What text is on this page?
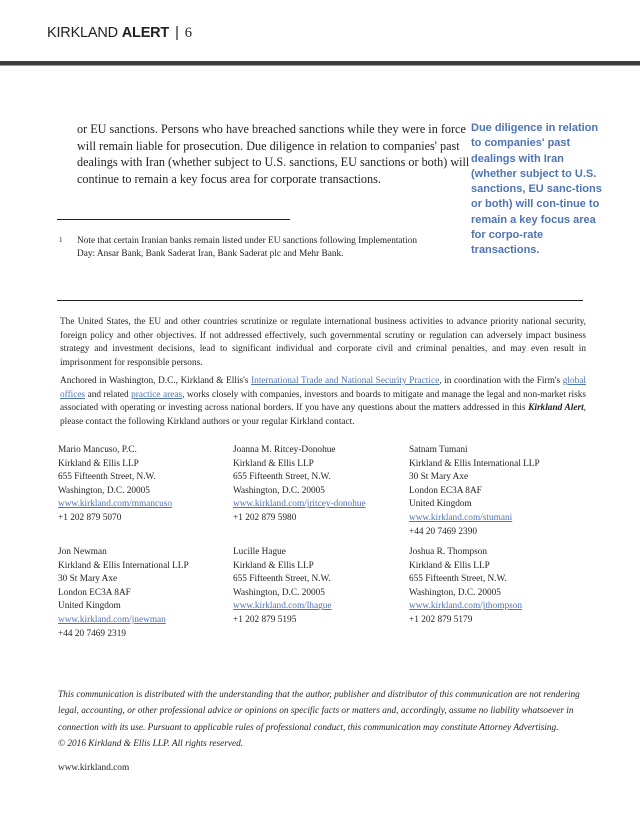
KIRKLAND ALERT | 6
or EU sanctions. Persons who have breached sanctions while they were in force will remain liable for prosecution. Due diligence in relation to companies' past dealings with Iran (whether subject to U.S. sanctions, EU sanctions or both) will continue to remain a key focus area for corporate transactions.
Due diligence in relation to companies' past dealings with Iran (whether subject to U.S. sanctions, EU sanc-tions or both) will con-tinue to remain a key focus area for corpo-rate transactions.
1 Note that certain Iranian banks remain listed under EU sanctions following Implementation Day: Ansar Bank, Bank Saderat Iran, Bank Saderat plc and Mehr Bank.
The United States, the EU and other countries scrutinize or regulate international business activities to advance priority national security, foreign policy and other objectives. If not addressed effectively, such governmental scrutiny or regulation can adversely impact business strategy and investment decisions, lead to significant individual and corporate civil and criminal penalties, and may even result in imprisonment for responsible persons.
Anchored in Washington, D.C., Kirkland & Ellis's International Trade and National Security Practice, in coordination with the Firm's global offices and related practice areas, works closely with companies, investors and boards to mitigate and manage the legal and non-market risks associated with operating or investing across national borders. If you have any questions about the matters addressed in this Kirkland Alert, please contact the following Kirkland authors or your regular Kirkland contact.
Mario Mancuso, P.C.
Kirkland & Ellis LLP
655 Fifteenth Street, N.W.
Washington, D.C. 20005
www.kirkland.com/mmancuso
+1 202 879 5070
Joanna M. Ritcey-Donohue
Kirkland & Ellis LLP
655 Fifteenth Street, N.W.
Washington, D.C. 20005
www.kirkland.com/jritcey-donohue
+1 202 879 5980
Satnam Tumani
Kirkland & Ellis International LLP
30 St Mary Axe
London EC3A 8AF
United Kingdom
www.kirkland.com/stumani
+44 20 7469 2390
Jon Newman
Kirkland & Ellis International LLP
30 St Mary Axe
London EC3A 8AF
United Kingdom
www.kirkland.com/jnewman
+44 20 7469 2319
Lucille Hague
Kirkland & Ellis LLP
655 Fifteenth Street, N.W.
Washington, D.C. 20005
www.kirkland.com/lhague
+1 202 879 5195
Joshua R. Thompson
Kirkland & Ellis LLP
655 Fifteenth Street, N.W.
Washington, D.C. 20005
www.kirkland.com/jthompson
+1 202 879 5179
This communication is distributed with the understanding that the author, publisher and distributor of this communication are not rendering legal, accounting, or other professional advice or opinions on specific facts or matters and, accordingly, assume no liability whatsoever in connection with its use. Pursuant to applicable rules of professional conduct, this communication may constitute Attorney Advertising.
© 2016 Kirkland & Ellis LLP. All rights reserved.
www.kirkland.com
